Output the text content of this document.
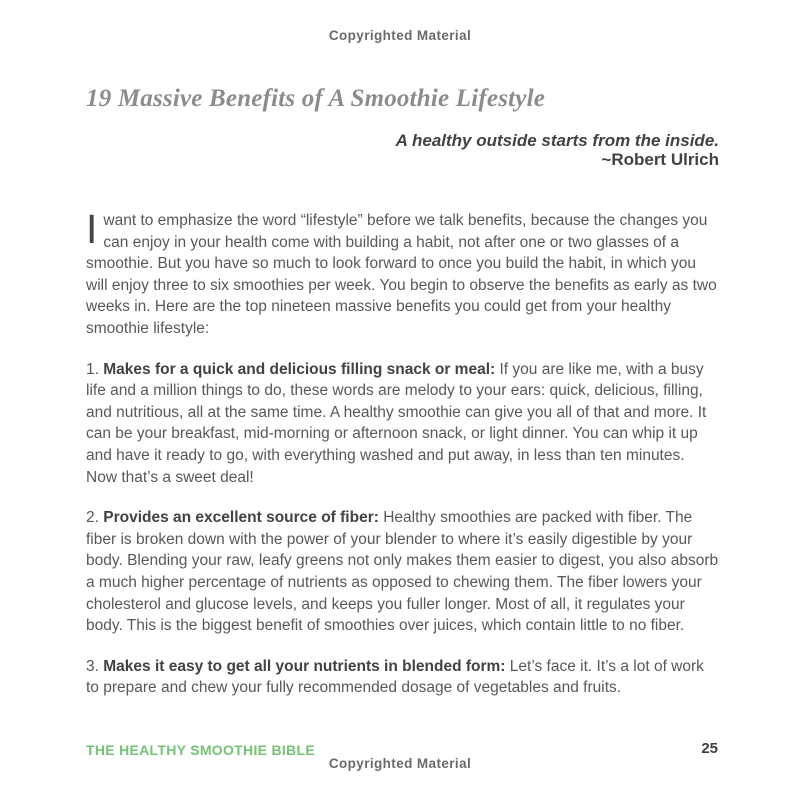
Copyrighted Material
19 Massive Benefits of A Smoothie Lifestyle
A healthy outside starts from the inside.
~Robert Ulrich

Iwant to emphasize the word “lifestyle” before we talk benefits, because the changes you can enjoy in your health come with building a habit, not after one or two glasses of a smoothie. But you have so much to look forward to once you build the habit, in which you will enjoy three to six smoothies per week. You begin to observe the benefits as early as two weeks in. Here are the top nineteen massive benefits you could get from your healthy smoothie lifestyle:

1. Makes for a quick and delicious filling snack or meal: If you are like me, with a busy life and a million things to do, these words are melody to your ears: quick, delicious, filling, and nutritious, all at the same time. A healthy smoothie can give you all of that and more. It can be your breakfast, mid-morning or afternoon snack, or light dinner. You can whip it up and have it ready to go, with everything washed and put away, in less than ten minutes. Now that’s a sweet deal!

2. Provides an excellent source of fiber: Healthy smoothies are packed with fiber. The fiber is broken down with the power of your blender to where it’s easily digestible by your body. Blending your raw, leafy greens not only makes them easier to digest, you also absorb a much higher percentage of nutrients as opposed to chewing them. The fiber lowers your cholesterol and glucose levels, and keeps you fuller longer. Most of all, it regulates your body. This is the biggest benefit of smoothies over juices, which contain little to no fiber.

3. Makes it easy to get all your nutrients in blended form: Let’s face it. It’s a lot of work to prepare and chew your fully recommended dosage of vegetables and fruits.

THE HEALTHY SMOOTHIE BIBLE	25
Copyrighted Material
